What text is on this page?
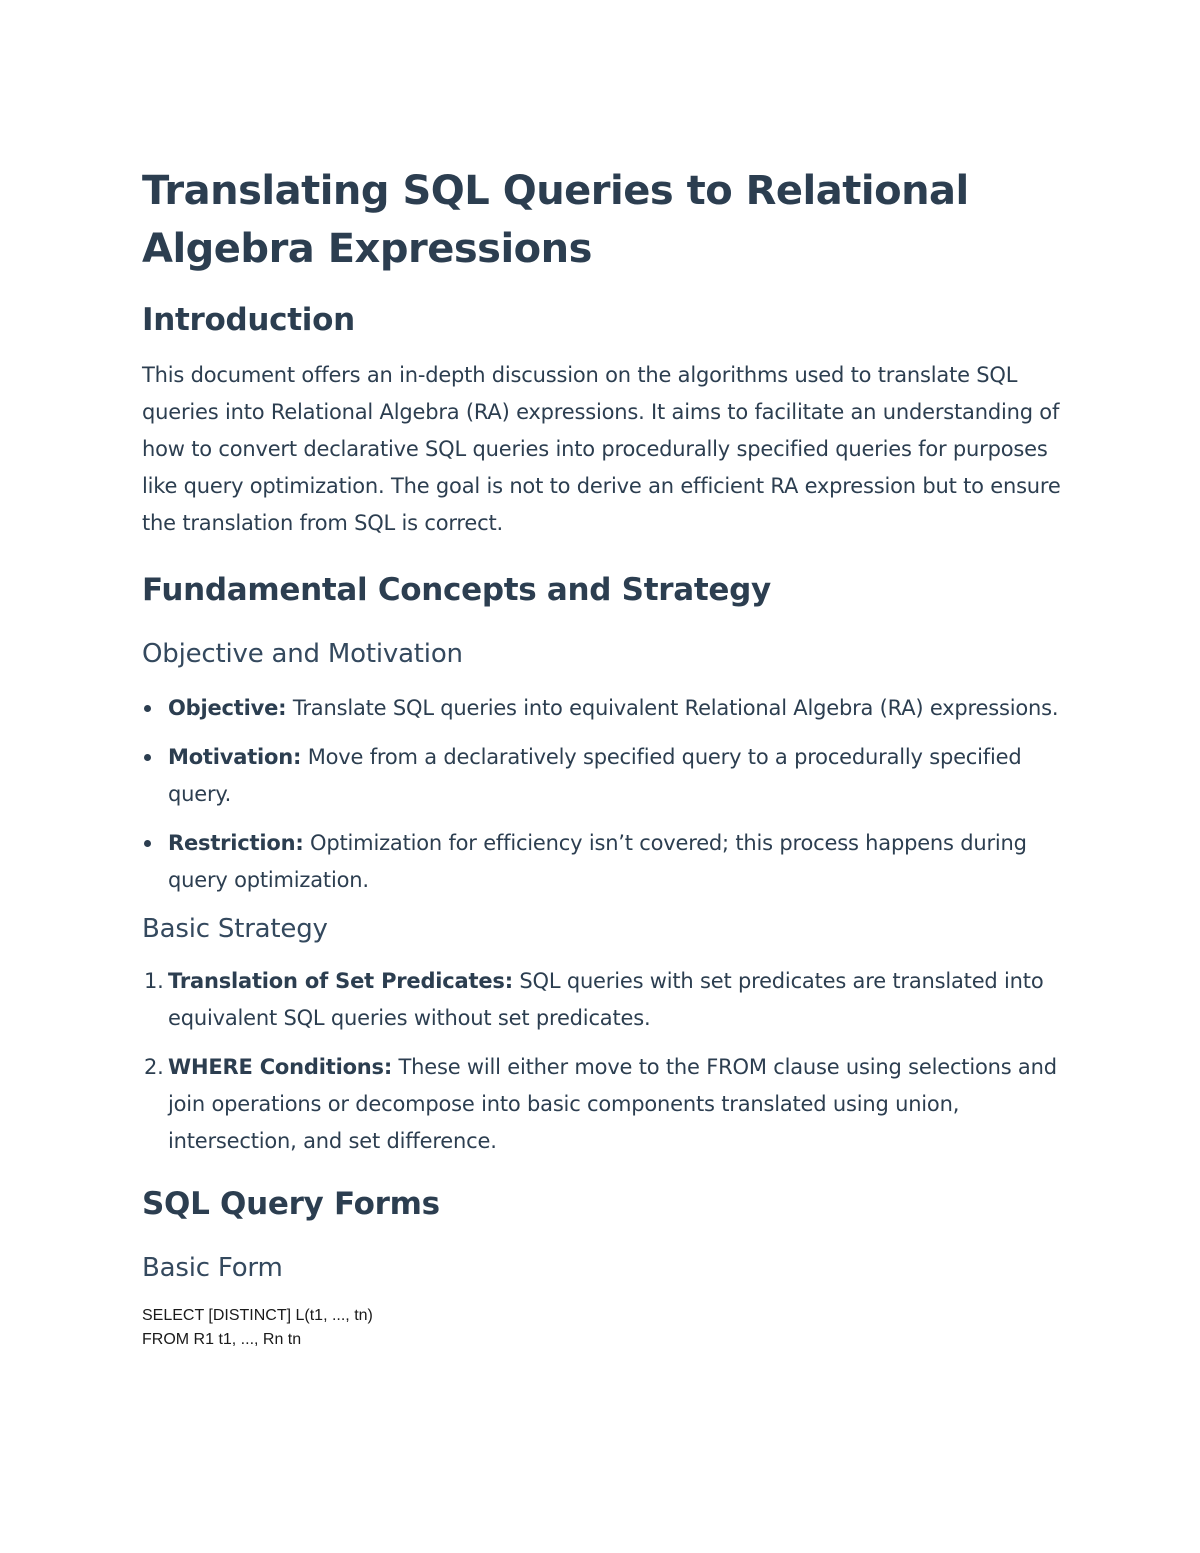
Translating SQL Queries to Relational Algebra Expressions
Introduction

This document offers an in-depth discussion on the algorithms used to translate SQL queries into Relational Algebra (RA) expressions. It aims to facilitate an understanding of how to convert declarative SQL queries into procedurally specified queries for purposes like query optimization. The goal is not to derive an efficient RA expression but to ensure the translation from SQL is correct.

Fundamental Concepts and Strategy
Objective and Motivation
Objective: Translate SQL queries into equivalent Relational Algebra (RA) expressions.
Motivation: Move from a declaratively specified query to a procedurally specified query.
Restriction: Optimization for efficiency isn’t covered; this process happens during query optimization.
Basic Strategy
1. Translation of Set Predicates: SQL queries with set predicates are translated into equivalent SQL queries without set predicates.
2. WHERE Conditions: These will either move to the FROM clause using selections and join operations or decompose into basic components translated using union, intersection, and set difference.
SQL Query Forms
Basic Form
SELECT [DISTINCT] L(t1, ..., tn)
FROM R1 t1, ..., Rn tn
